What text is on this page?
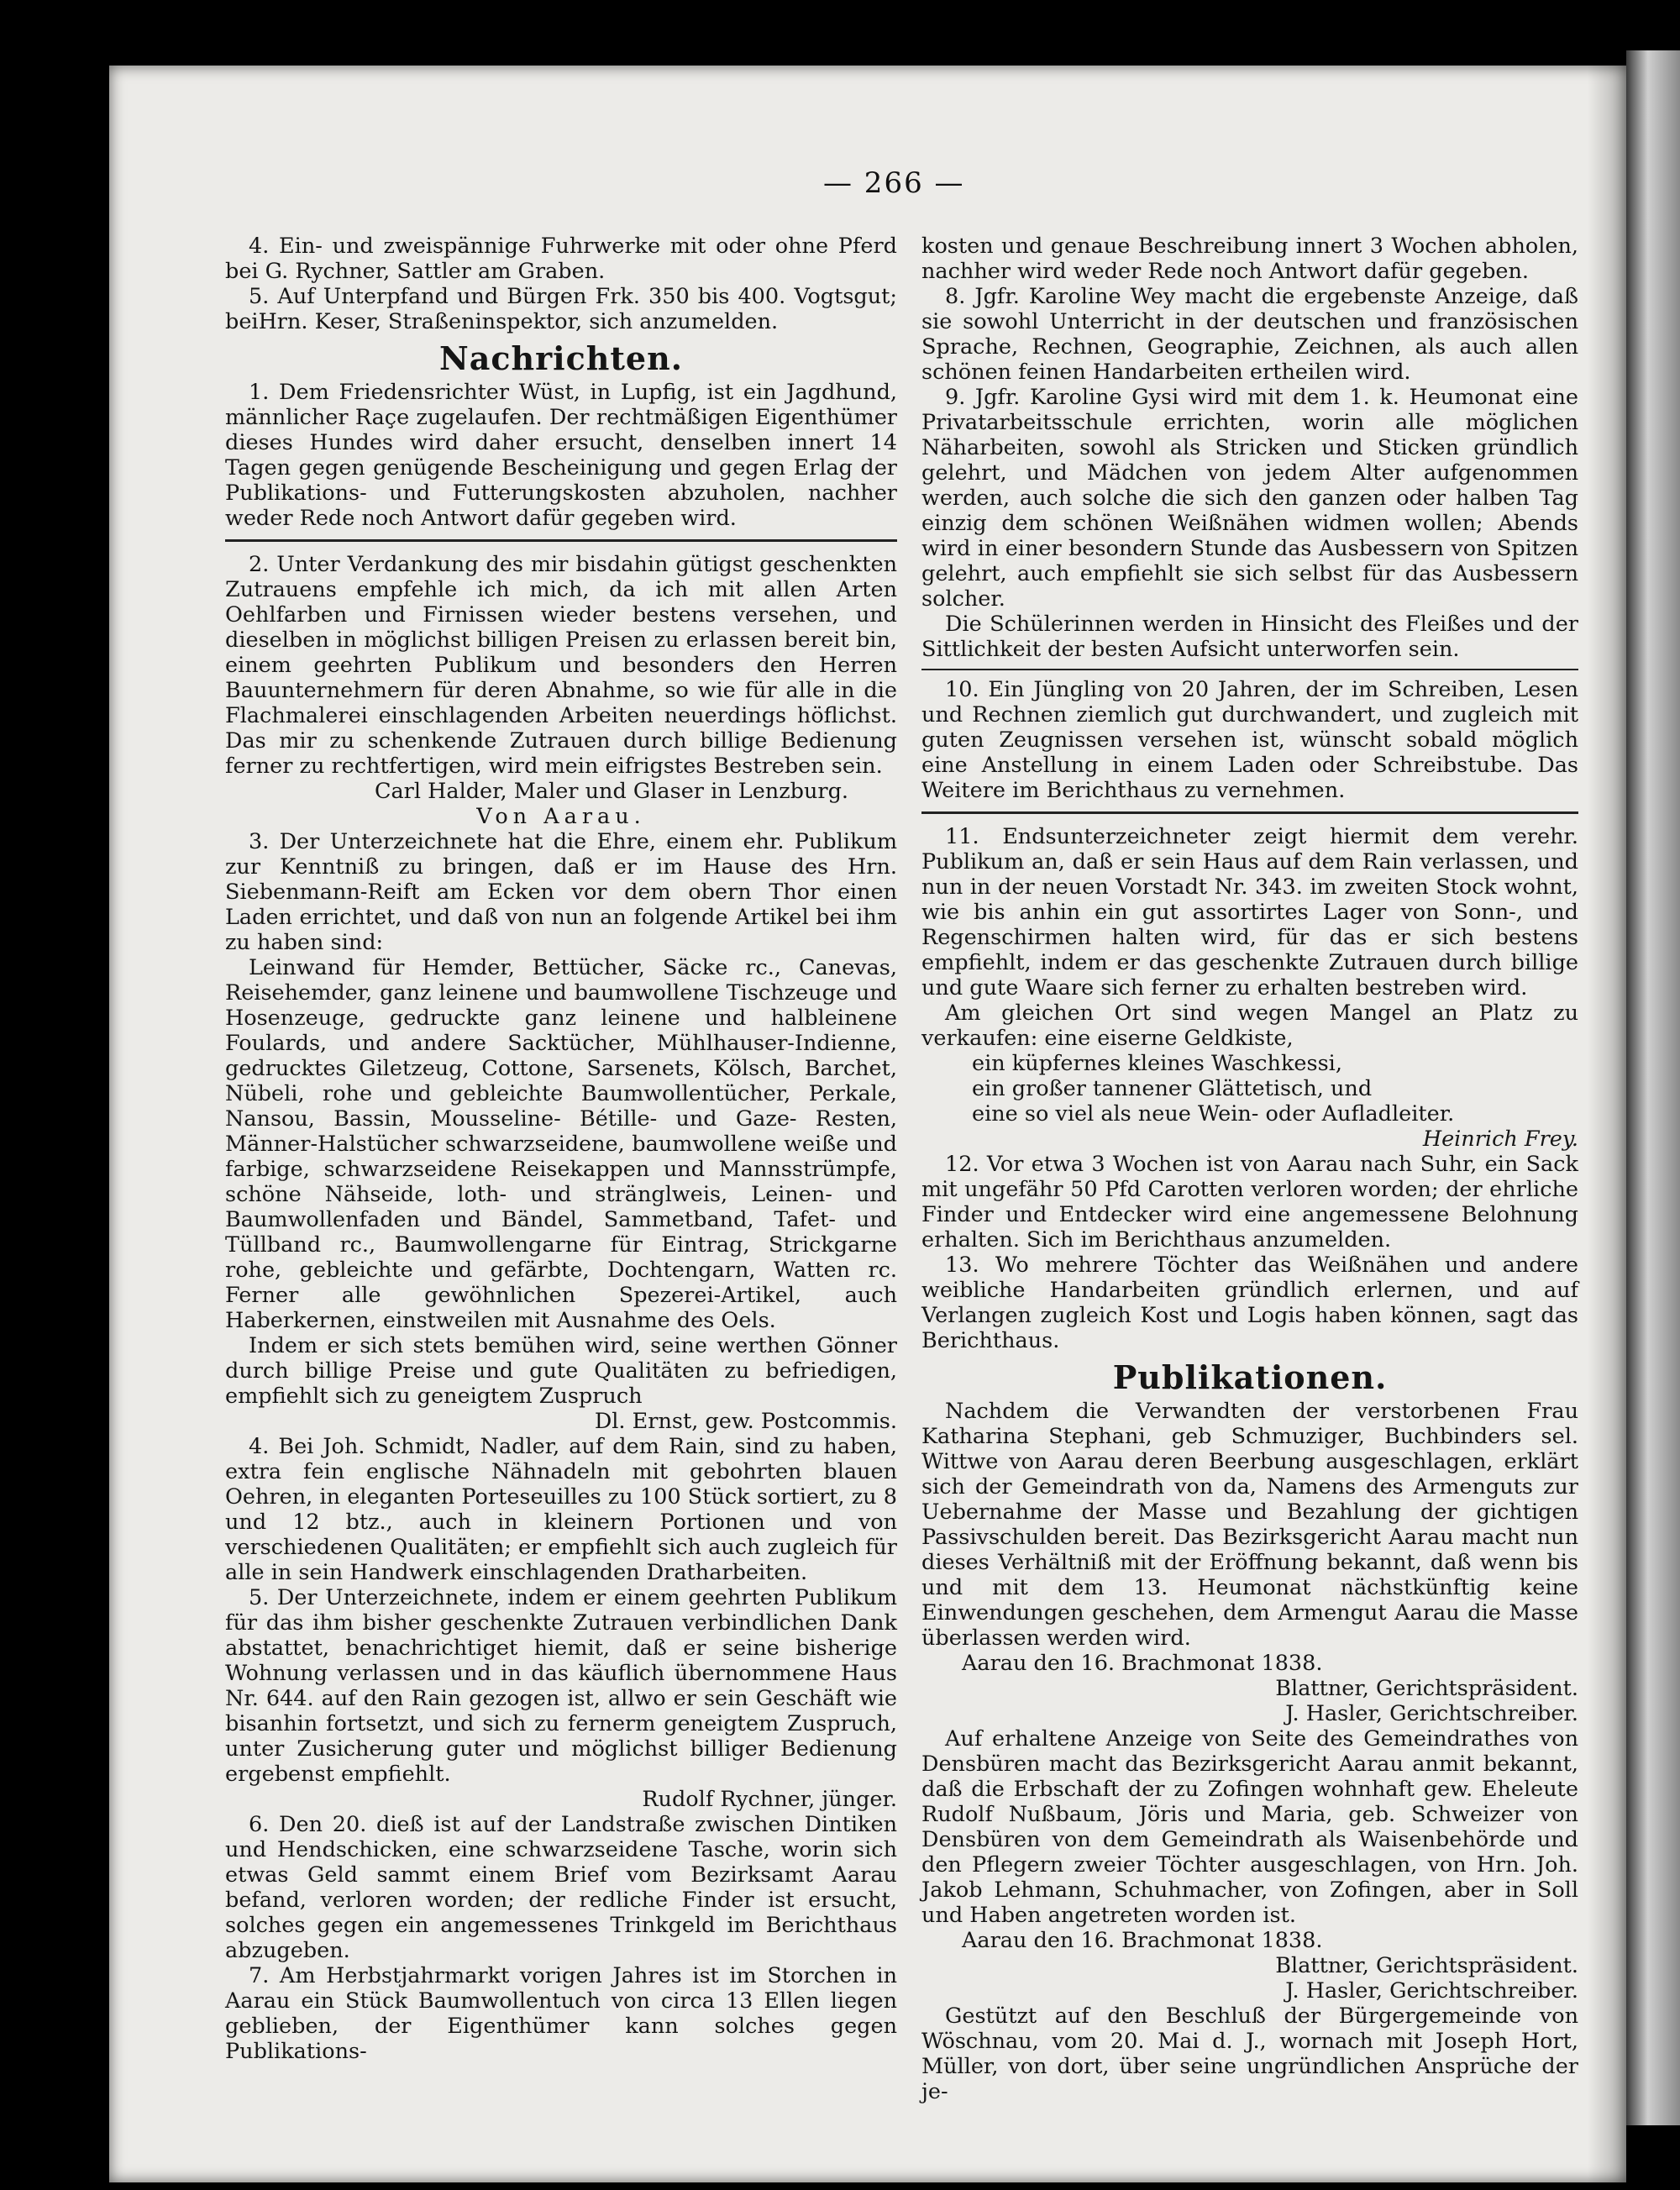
— 266 —

4. Ein- und zweispännige Fuhrwerke mit oder ohne Pferd bei G. Rychner, Sattler am Graben.

5. Auf Unterpfand und Bürgen Frk. 350 bis 400. Vogtsgut; beiHrn. Keser, Straßeninspektor, sich anzumelden.

Nachrichten.

1. Dem Friedensrichter Wüst, in Lupfig, ist ein Jagdhund, männlicher Raçe zugelaufen. Der rechtmäßigen Eigenthümer dieses Hundes wird daher ersucht, denselben innert 14 Tagen gegen genügende Bescheinigung und gegen Erlag der Publikations- und Futterungskosten abzuholen, nachher weder Rede noch Antwort dafür gegeben wird.

2. Unter Verdankung des mir bisdahin gütigst geschenkten Zutrauens empfehle ich mich, da ich mit allen Arten Oehlfarben und Firnissen wieder bestens versehen, und dieselben in möglichst billigen Preisen zu erlassen bereit bin, einem geehrten Publikum und besonders den Herren Bauunternehmern für deren Abnahme, so wie für alle in die Flachmalerei einschlagenden Arbeiten neuerdings höflichst. Das mir zu schenkende Zutrauen durch billige Bedienung ferner zu rechtfertigen, wird mein eifrigstes Bestreben sein.

Carl Halder, Maler und Glaser in Lenzburg.

Von Aarau.

3. Der Unterzeichnete hat die Ehre, einem ehr. Publikum zur Kenntniß zu bringen, daß er im Hause des Hrn. Siebenmann-Reift am Ecken vor dem obern Thor einen Laden errichtet, und daß von nun an folgende Artikel bei ihm zu haben sind:

Leinwand für Hemder, Bettücher, Säcke rc., Canevas, Reisehemder, ganz leinene und baumwollene Tischzeuge und Hosenzeuge, gedruckte ganz leinene und halbleinene Foulards, und andere Sacktücher, Mühlhauser-Indienne, gedrucktes Giletzeug, Cottone, Sarsenets, Kölsch, Barchet, Nübeli, rohe und gebleichte Baumwollentücher, Perkale, Nansou, Bassin, Mousseline- Bétille- und Gaze- Resten, Männer-Halstücher schwarzseidene, baumwollene weiße und farbige, schwarzseidene Reisekappen und Mannsstrümpfe, schöne Nähseide, loth- und stränglweis, Leinen- und Baumwollenfaden und Bändel, Sammetband, Tafet- und Tüllband rc., Baumwollengarne für Eintrag, Strickgarne rohe, gebleichte und gefärbte, Dochtengarn, Watten rc. Ferner alle gewöhnlichen Spezerei-Artikel, auch Haberkernen, einstweilen mit Ausnahme des Oels.

Indem er sich stets bemühen wird, seine werthen Gönner durch billige Preise und gute Qualitäten zu befriedigen, empfiehlt sich zu geneigtem Zuspruch

Dl. Ernst, gew. Postcommis.

4. Bei Joh. Schmidt, Nadler, auf dem Rain, sind zu haben, extra fein englische Nähnadeln mit gebohrten blauen Oehren, in eleganten Porteseuilles zu 100 Stück sortiert, zu 8 und 12 btz., auch in kleinern Portionen und von verschiedenen Qualitäten; er empfiehlt sich auch zugleich für alle in sein Handwerk einschlagenden Dratharbeiten.

5. Der Unterzeichnete, indem er einem geehrten Publikum für das ihm bisher geschenkte Zutrauen verbindlichen Dank abstattet, benachrichtiget hiemit, daß er seine bisherige Wohnung verlassen und in das käuflich übernommene Haus Nr. 644. auf den Rain gezogen ist, allwo er sein Geschäft wie bisanhin fortsetzt, und sich zu fernerm geneigtem Zuspruch, unter Zusicherung guter und möglichst billiger Bedienung ergebenst empfiehlt.

Rudolf Rychner, jünger.

6. Den 20. dieß ist auf der Landstraße zwischen Dintiken und Hendschicken, eine schwarzseidene Tasche, worin sich etwas Geld sammt einem Brief vom Bezirksamt Aarau befand, verloren worden; der redliche Finder ist ersucht, solches gegen ein angemessenes Trinkgeld im Berichthaus abzugeben.

7. Am Herbstjahrmarkt vorigen Jahres ist im Storchen in Aarau ein Stück Baumwollentuch von circa 13 Ellen liegen geblieben, der Eigenthümer kann solches gegen Publikations-

kosten und genaue Beschreibung innert 3 Wochen abholen, nachher wird weder Rede noch Antwort dafür gegeben.

8. Jgfr. Karoline Wey macht die ergebenste Anzeige, daß sie sowohl Unterricht in der deutschen und französischen Sprache, Rechnen, Geographie, Zeichnen, als auch allen schönen feinen Handarbeiten ertheilen wird.

9. Jgfr. Karoline Gysi wird mit dem 1. k. Heumonat eine Privatarbeitsschule errichten, worin alle möglichen Näharbeiten, sowohl als Stricken und Sticken gründlich gelehrt, und Mädchen von jedem Alter aufgenommen werden, auch solche die sich den ganzen oder halben Tag einzig dem schönen Weißnähen widmen wollen; Abends wird in einer besondern Stunde das Ausbessern von Spitzen gelehrt, auch empfiehlt sie sich selbst für das Ausbessern solcher.

Die Schülerinnen werden in Hinsicht des Fleißes und der Sittlichkeit der besten Aufsicht unterworfen sein.

10. Ein Jüngling von 20 Jahren, der im Schreiben, Lesen und Rechnen ziemlich gut durchwandert, und zugleich mit guten Zeugnissen versehen ist, wünscht sobald möglich eine Anstellung in einem Laden oder Schreibstube. Das Weitere im Berichthaus zu vernehmen.

11. Endsunterzeichneter zeigt hiermit dem verehr. Publikum an, daß er sein Haus auf dem Rain verlassen, und nun in der neuen Vorstadt Nr. 343. im zweiten Stock wohnt, wie bis anhin ein gut assortirtes Lager von Sonn-, und Regenschirmen halten wird, für das er sich bestens empfiehlt, indem er das geschenkte Zutrauen durch billige und gute Waare sich ferner zu erhalten bestreben wird.

Am gleichen Ort sind wegen Mangel an Platz zu verkaufen: eine eiserne Geldkiste,

ein küpfernes kleines Waschkessi,

ein großer tannener Glättetisch, und

eine so viel als neue Wein- oder Aufladleiter.

Heinrich Frey.

12. Vor etwa 3 Wochen ist von Aarau nach Suhr, ein Sack mit ungefähr 50 Pfd Carotten verloren worden; der ehrliche Finder und Entdecker wird eine angemessene Belohnung erhalten. Sich im Berichthaus anzumelden.

13. Wo mehrere Töchter das Weißnähen und andere weibliche Handarbeiten gründlich erlernen, und auf Verlangen zugleich Kost und Logis haben können, sagt das Berichthaus.

Publikationen.

Nachdem die Verwandten der verstorbenen Frau Katharina Stephani, geb Schmuziger, Buchbinders sel. Wittwe von Aarau deren Beerbung ausgeschlagen, erklärt sich der Gemeindrath von da, Namens des Armenguts zur Uebernahme der Masse und Bezahlung der gichtigen Passivschulden bereit. Das Bezirksgericht Aarau macht nun dieses Verhältniß mit der Eröffnung bekannt, daß wenn bis und mit dem 13. Heumonat nächstkünftig keine Einwendungen geschehen, dem Armengut Aarau die Masse überlassen werden wird.

Aarau den 16. Brachmonat 1838.

Blattner, Gerichtspräsident.

J. Hasler, Gerichtschreiber.

Auf erhaltene Anzeige von Seite des Gemeindrathes von Densbüren macht das Bezirksgericht Aarau anmit bekannt, daß die Erbschaft der zu Zofingen wohnhaft gew. Eheleute Rudolf Nußbaum, Jöris und Maria, geb. Schweizer von Densbüren von dem Gemeindrath als Waisenbehörde und den Pflegern zweier Töchter ausgeschlagen, von Hrn. Joh. Jakob Lehmann, Schuhmacher, von Zofingen, aber in Soll und Haben angetreten worden ist.

Aarau den 16. Brachmonat 1838.

Blattner, Gerichtspräsident.

J. Hasler, Gerichtschreiber.

Gestützt auf den Beschluß der Bürgergemeinde von Wöschnau, vom 20. Mai d. J., wornach mit Joseph Hort, Müller, von dort, über seine ungründlichen Ansprüche der je-
